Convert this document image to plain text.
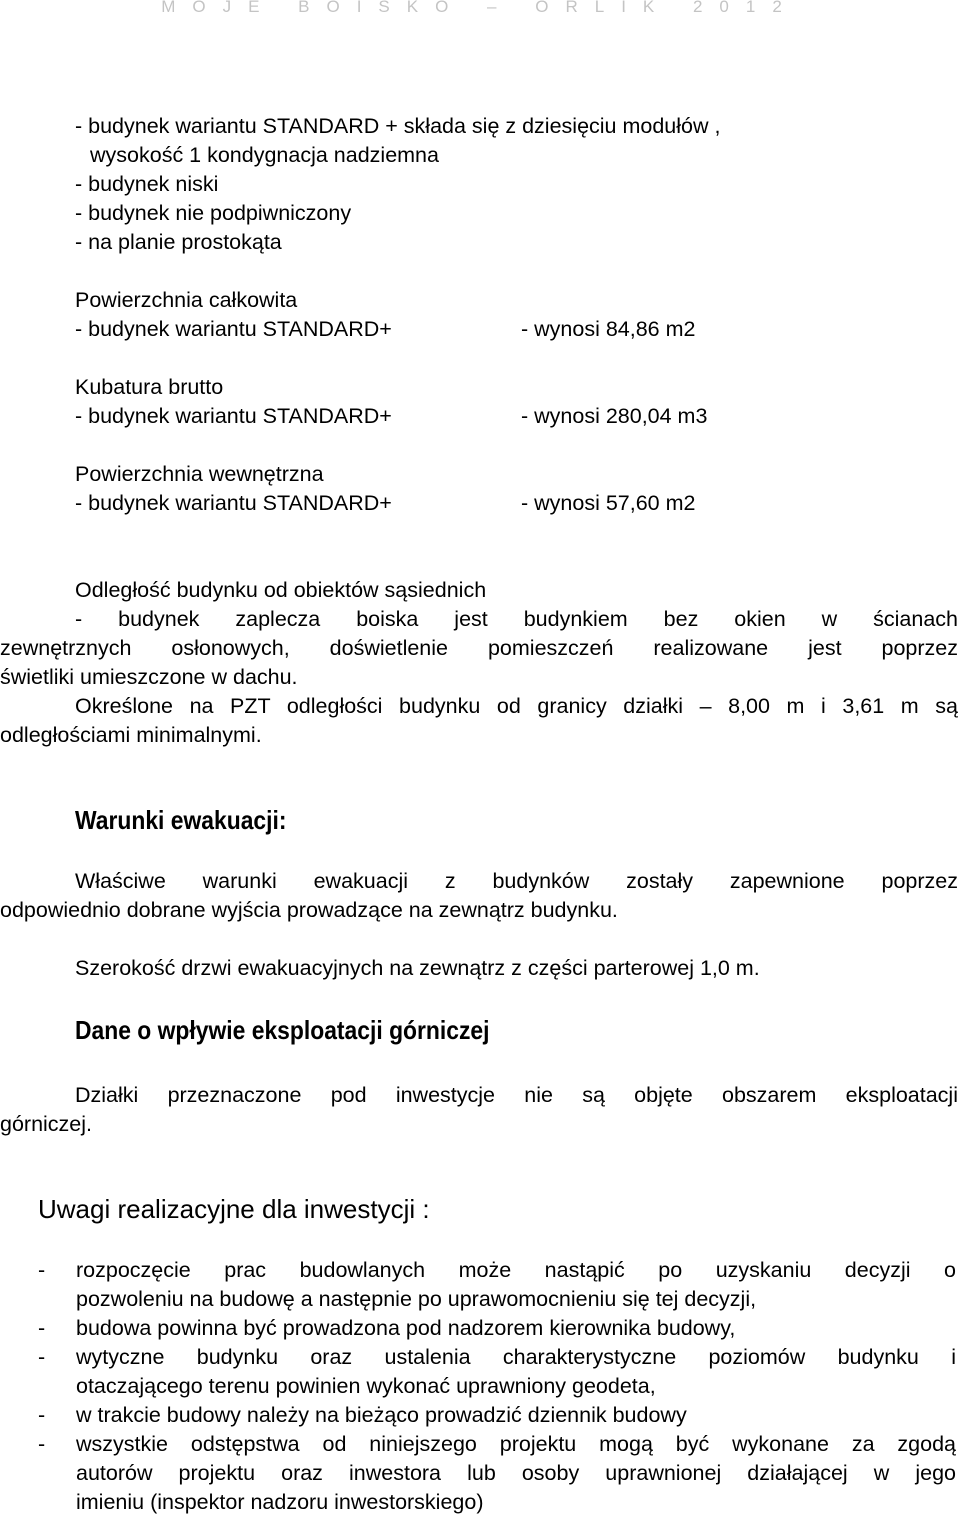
MOJE BOISKO – ORLIK 2012
- budynek wariantu STANDARD + składa się z dziesięciu modułów ,
wysokość 1 kondygnacja nadziemna
- budynek niski
- budynek nie podpiwniczony
- na planie prostokąta
Powierzchnia całkowita
- budynek wariantu STANDARD+	- wynosi 84,86 m2
Kubatura brutto
- budynek wariantu STANDARD+	- wynosi 280,04 m3
Powierzchnia wewnętrzna
- budynek wariantu STANDARD+	- wynosi 57,60 m2
Odległość budynku od obiektów sąsiednich
- budynek zaplecza boiska jest budynkiem bez okien w ścianach
zewnętrznych osłonowych, doświetlenie pomieszczeń realizowane jest poprzez
świetliki umieszczone w dachu.
Określone na PZT odległości budynku od granicy działki – 8,00 m i 3,61 m są
odległościami minimalnymi.
Warunki ewakuacji:
Właściwe warunki ewakuacji z budynków zostały zapewnione poprzez
odpowiednio dobrane wyjścia prowadzące na zewnątrz budynku.
Szerokość drzwi ewakuacyjnych na zewnątrz z części parterowej 1,0 m.
Dane o wpływie eksploatacji górniczej
Działki przeznaczone pod inwestycje nie są objęte obszarem eksploatacji
górniczej.
Uwagi realizacyjne dla inwestycji :
- rozpoczęcie prac budowlanych może nastąpić po uzyskaniu decyzji o
pozwoleniu na budowę a następnie po uprawomocnieniu się tej decyzji,
- budowa powinna być prowadzona pod nadzorem kierownika budowy,
- wytyczne budynku oraz ustalenia charakterystyczne poziomów budynku i
otaczającego terenu powinien wykonać uprawniony geodeta,
- w trakcie budowy należy na bieżąco prowadzić dziennik budowy
- wszystkie odstępstwa od niniejszego projektu mogą być wykonane za zgodą
autorów projektu oraz inwestora lub osoby uprawnionej działającej w jego
imieniu (inspektor nadzoru inwestorskiego)
